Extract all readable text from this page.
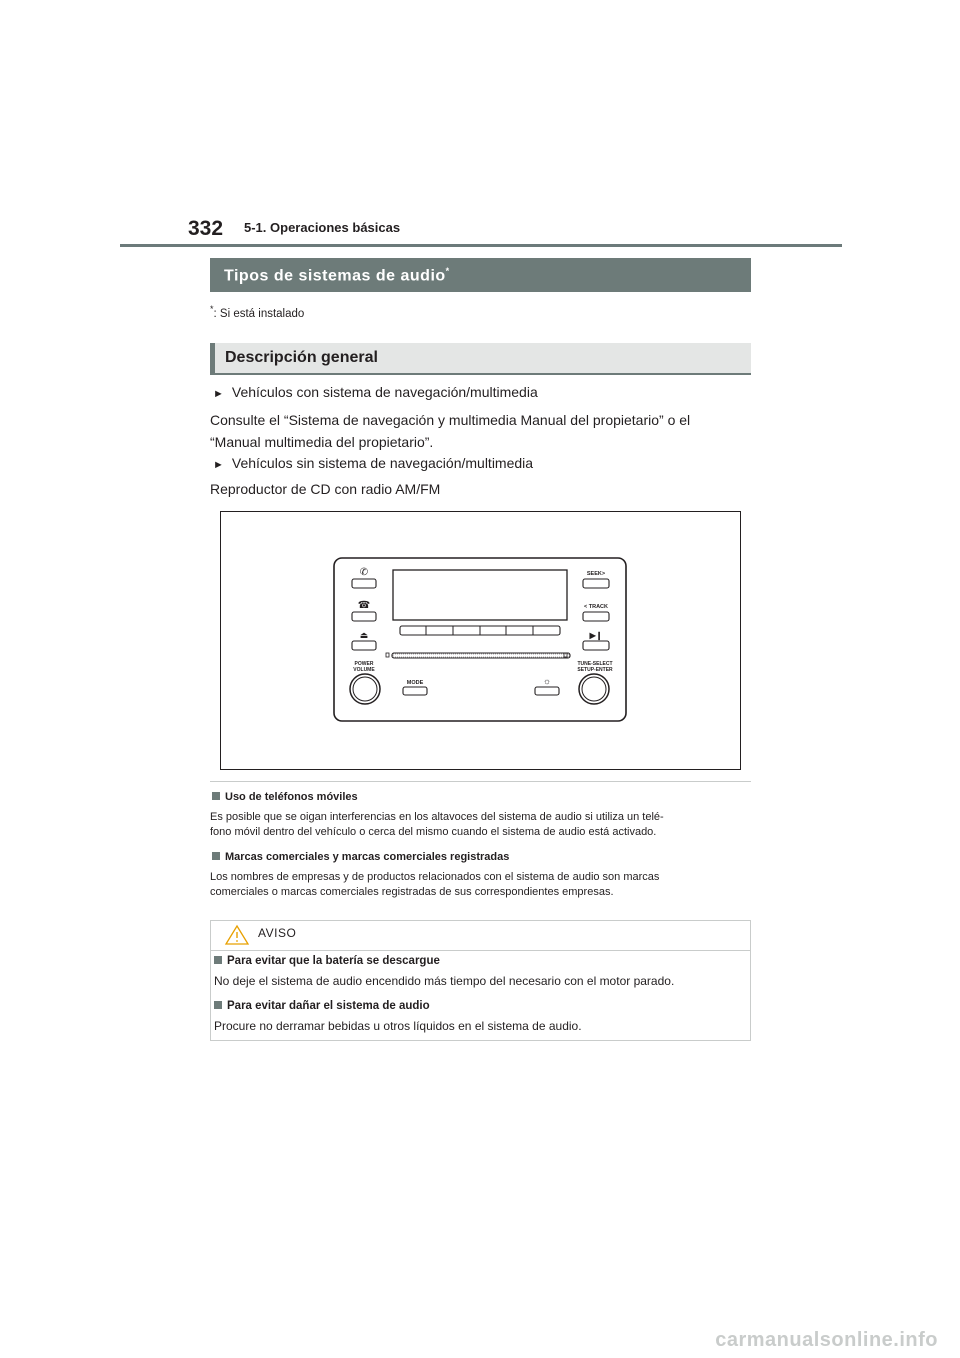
332 5-1. Operaciones básicas
Tipos de sistemas de audio*
*: Si está instalado
Descripción general
► Vehículos con sistema de navegación/multimedia
Consulte el “Sistema de navegación y multimedia Manual del propietario” o el
“Manual multimedia del propietario”.
► Vehículos sin sistema de navegación/multimedia
Reproductor de CD con radio AM/FM
✆
☎
⏏
SEEK>
< TRACK
▶❙
POWER
VOLUME
TUNE-SELECT
SETUP-ENTER
MODE	☼
Uso de teléfonos móviles
Es posible que se oigan interferencias en los altavoces del sistema de audio si utiliza un telé-
fono móvil dentro del vehículo o cerca del mismo cuando el sistema de audio está activado.
Marcas comerciales y marcas comerciales registradas
Los nombres de empresas y de productos relacionados con el sistema de audio son marcas
comerciales o marcas comerciales registradas de sus correspondientes empresas.
AVISO
Para evitar que la batería se descargue
No deje el sistema de audio encendido más tiempo del necesario con el motor parado.
Para evitar dañar el sistema de audio
Procure no derramar bebidas u otros líquidos en el sistema de audio.
carmanualsonline.info
